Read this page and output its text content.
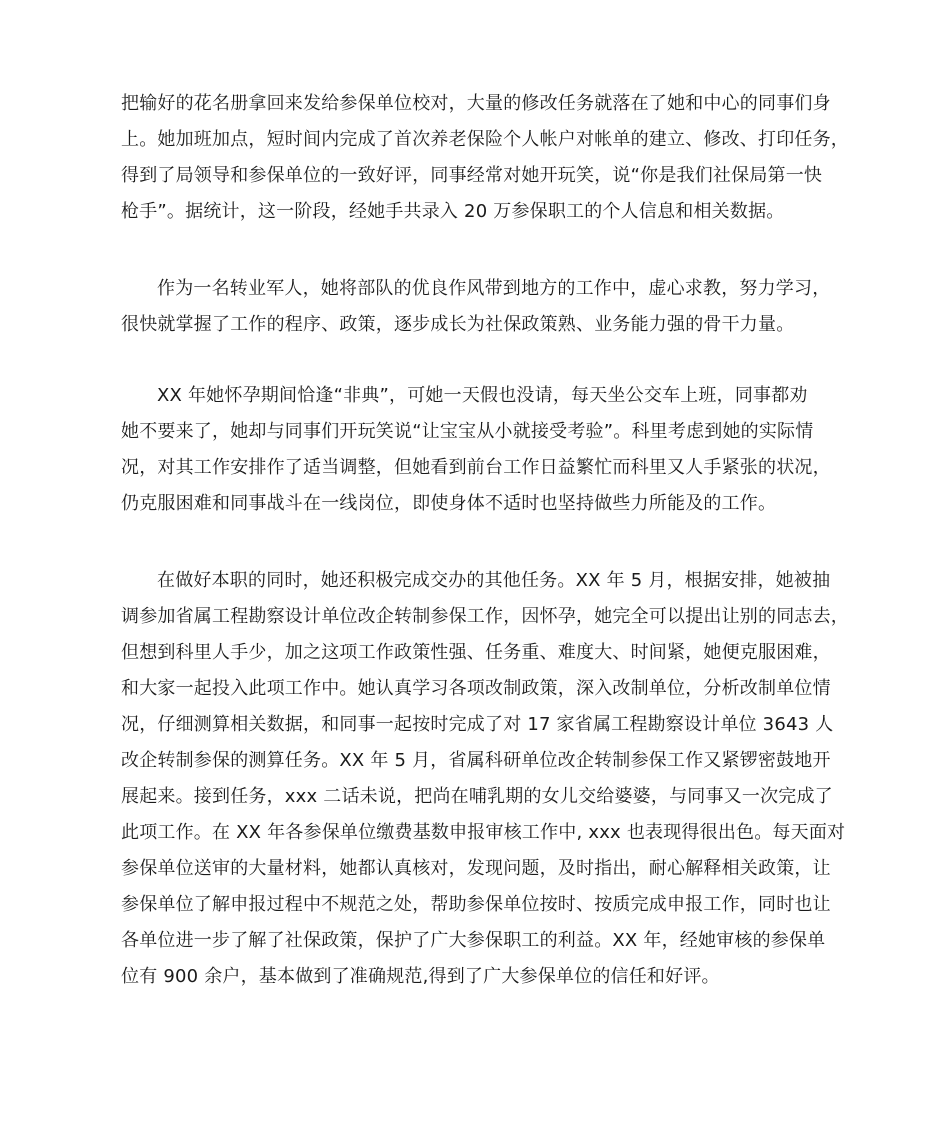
把输好的花名册拿回来发给参保单位校对，大量的修改任务就落在了她和中心的同事们身
上。她加班加点，短时间内完成了首次养老保险个人帐户对帐单的建立、修改、打印任务，
得到了局领导和参保单位的一致好评，同事经常对她开玩笑，说“你是我们社保局第一快
枪手”。据统计，这一阶段，经她手共录入 20 万参保职工的个人信息和相关数据。
作为一名转业军人，她将部队的优良作风带到地方的工作中，虚心求教，努力学习，
很快就掌握了工作的程序、政策，逐步成长为社保政策熟、业务能力强的骨干力量。
XX 年她怀孕期间恰逢“非典”，可她一天假也没请，每天坐公交车上班，同事都劝
她不要来了，她却与同事们开玩笑说“让宝宝从小就接受考验”。科里考虑到她的实际情
况，对其工作安排作了适当调整，但她看到前台工作日益繁忙而科里又人手紧张的状况，
仍克服困难和同事战斗在一线岗位，即使身体不适时也坚持做些力所能及的工作。
在做好本职的同时，她还积极完成交办的其他任务。XX 年 5 月，根据安排，她被抽
调参加省属工程勘察设计单位改企转制参保工作，因怀孕，她完全可以提出让别的同志去，
但想到科里人手少，加之这项工作政策性强、任务重、难度大、时间紧，她便克服困难，
和大家一起投入此项工作中。她认真学习各项改制政策，深入改制单位，分析改制单位情
况，仔细测算相关数据，和同事一起按时完成了对 17 家省属工程勘察设计单位 3643 人
改企转制参保的测算任务。XX 年 5 月，省属科研单位改企转制参保工作又紧锣密鼓地开
展起来。接到任务，xxx 二话未说，把尚在哺乳期的女儿交给婆婆，与同事又一次完成了
此项工作。在 XX 年各参保单位缴费基数申报审核工作中, xxx 也表现得很出色。每天面对
参保单位送审的大量材料，她都认真核对，发现问题，及时指出，耐心解释相关政策，让
参保单位了解申报过程中不规范之处，帮助参保单位按时、按质完成申报工作，同时也让
各单位进一步了解了社保政策，保护了广大参保职工的利益。XX 年，经她审核的参保单
位有 900 余户，基本做到了准确规范,得到了广大参保单位的信任和好评。
